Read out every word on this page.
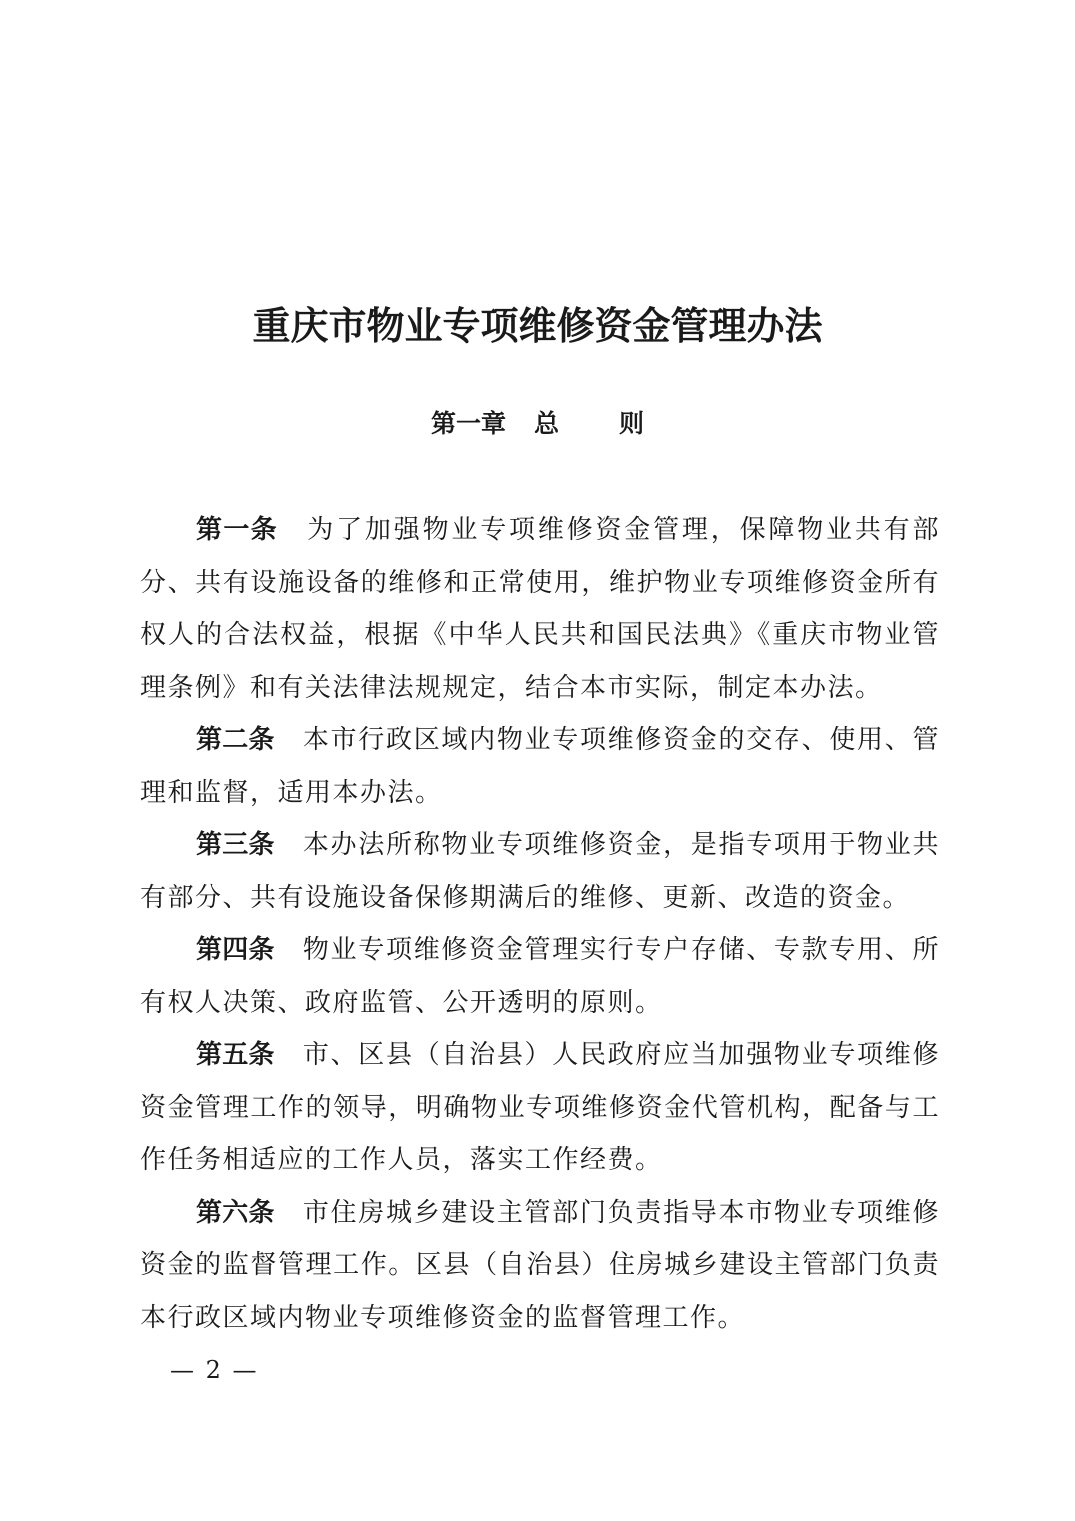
重庆市物业专项维修资金管理办法
第一章 总 则

第一条 为了加强物业专项维修资金管理，保障物业共有部分、共有设施设备的维修和正常使用，维护物业专项维修资金所有权人的合法权益，根据《中华人民共和国民法典》《重庆市物业管理条例》和有关法律法规规定，结合本市实际，制定本办法。

第二条 本市行政区域内物业专项维修资金的交存、使用、管理和监督，适用本办法。

第三条 本办法所称物业专项维修资金，是指专项用于物业共有部分、共有设施设备保修期满后的维修、更新、改造的资金。

第四条 物业专项维修资金管理实行专户存储、专款专用、所有权人决策、政府监管、公开透明的原则。

第五条 市、区县（自治县）人民政府应当加强物业专项维修资金管理工作的领导，明确物业专项维修资金代管机构，配备与工作任务相适应的工作人员，落实工作经费。

第六条 市住房城乡建设主管部门负责指导本市物业专项维修资金的监督管理工作。区县（自治县）住房城乡建设主管部门负责本行政区域内物业专项维修资金的监督管理工作。

— 2 —
